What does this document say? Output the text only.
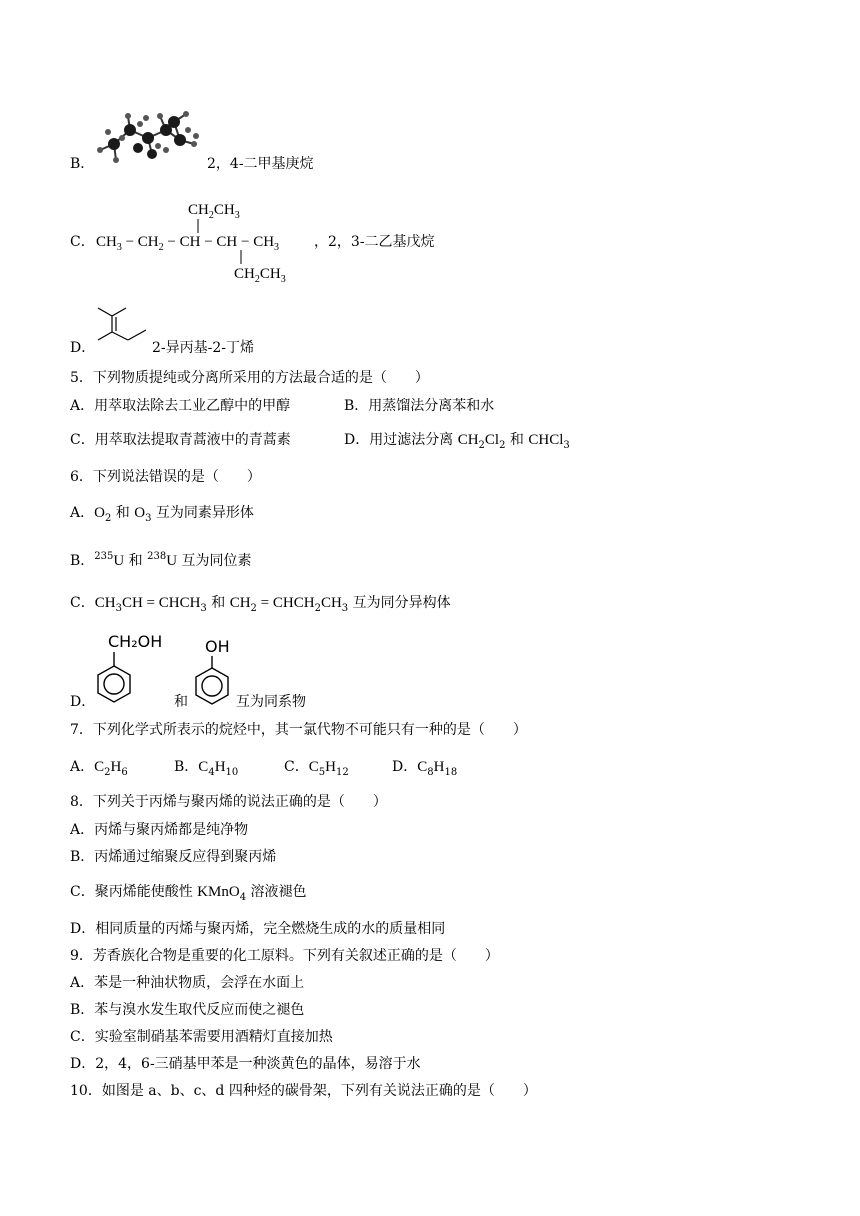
B．	2，4-二甲基庚烷
C．
$CH_2CH_3$
$CH_3 - CH_2$ − CH − CH − $CH_3$ ，2，3-二乙基戊烷
$CH_2CH_3$
D．	2-异丙基-2-丁烯
5．下列物质提纯或分离所采用的方法最合适的是（　　）
A．用萃取法除去工业乙醇中的甲醇	B．用蒸馏法分离苯和水
C．用萃取法提取青蒿液中的青蒿素	D．用过滤法分离 $CH_2Cl_2$ 和 CHCl$_3$
6．下列说法错误的是（　　）
A．$O_2$ 和 $O_3$ 互为同素异形体
B．$^{235}$U 和 $^{238}$U 互为同位素
C．$CH_3CH$ = $CHCH_3$ 和 $CH_2$ = $CHCH_2CH_3$ 互为同分异构体
D．
CH₂OH
和
OH
互为同系物
7．下列化学式所表示的烷烃中，其一氯代物不可能只有一种的是（　　）
A．$C_2H_6$	B．$C_4H_{10}$	C．$C_5H_{12}$	D．$C_8H_{18}$
8．下列关于丙烯与聚丙烯的说法正确的是（　　）
A．丙烯与聚丙烯都是纯净物
B．丙烯通过缩聚反应得到聚丙烯
C．聚丙烯能使酸性 KMnO$_4$ 溶液褪色
D．相同质量的丙烯与聚丙烯，完全燃烧生成的水的质量相同
9．芳香族化合物是重要的化工原料。下列有关叙述正确的是（　　）
A．苯是一种油状物质，会浮在水面上
B．苯与溴水发生取代反应而使之褪色
C．实验室制硝基苯需要用酒精灯直接加热
D．2，4，6-三硝基甲苯是一种淡黄色的晶体，易溶于水
10．如图是 a、b、c、d 四种烃的碳骨架，下列有关说法正确的是（　　）
